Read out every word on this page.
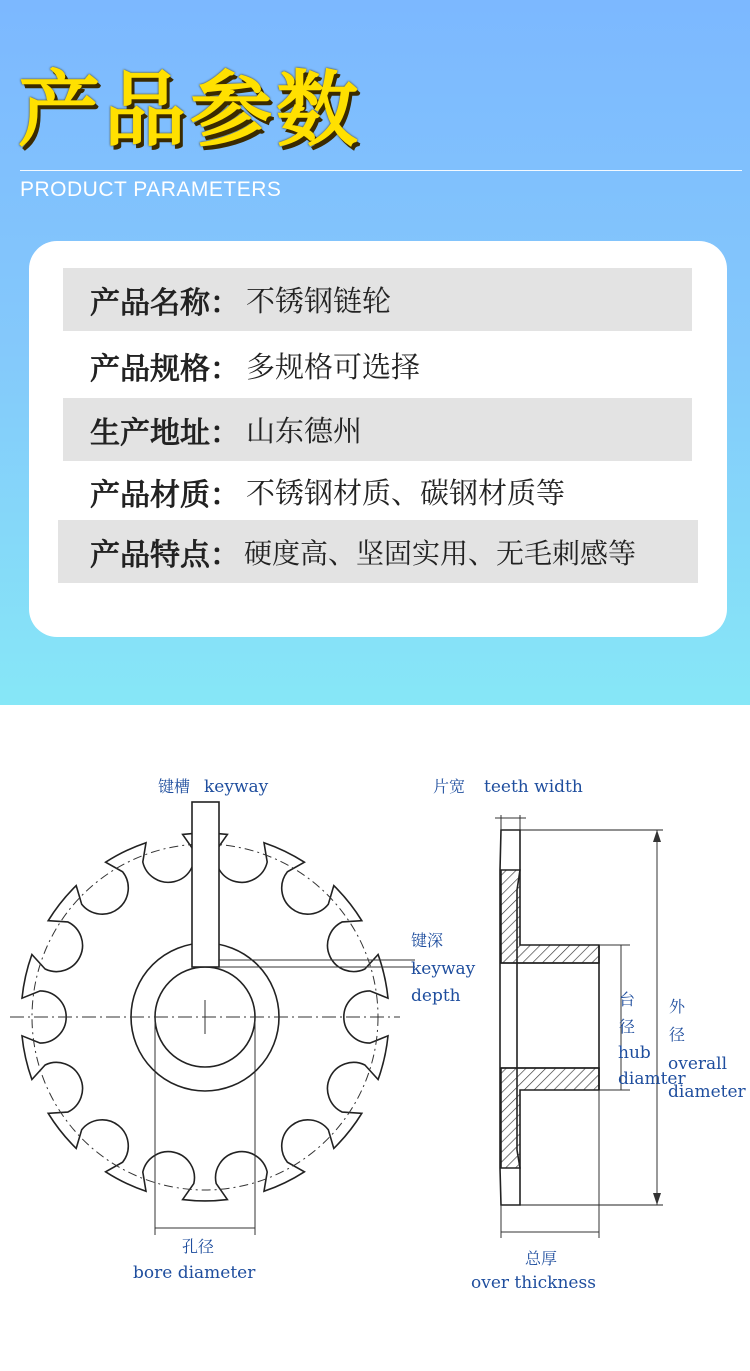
产品参数
PRODUCT PARAMETERS
产品名称： 不锈钢链轮
产品规格： 多规格可选择
生产地址： 山东德州
产品材质： 不锈钢材质、碳钢材质等
产品特点： 硬度高、坚固实用、无毛刺感等
键槽 keyway
键深
keyway
depth
孔径
bore diameter
片宽 teeth width
台
径
hub
diamter
外
径
overall
diameter
总厚
over thickness
